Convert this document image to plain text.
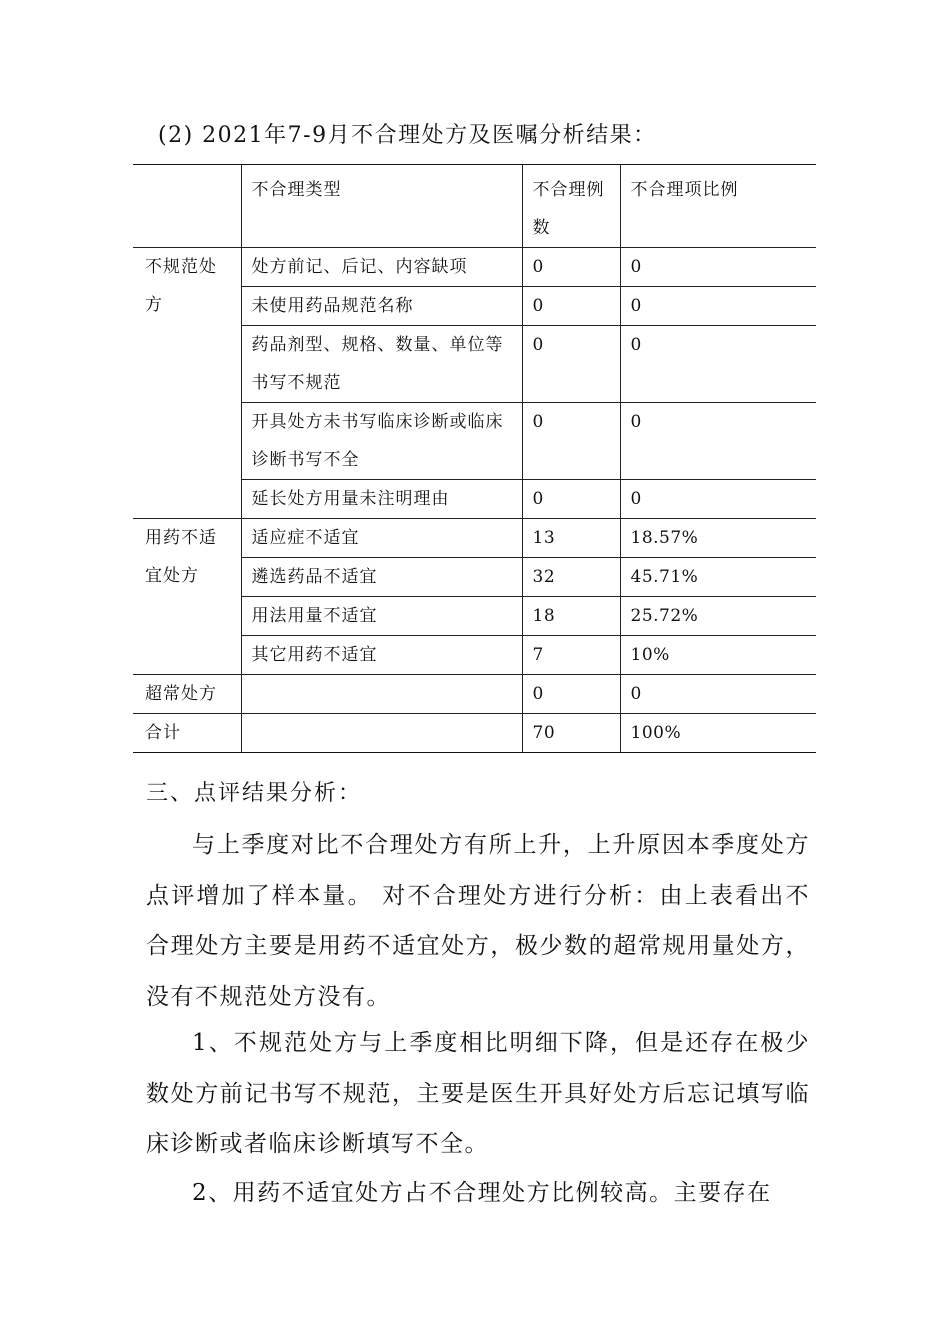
(2) 2021年7-9月不合理处方及医嘱分析结果：
	不合理类型	不合理例数	不合理项比例
不规范处方	处方前记、后记、内容缺项	0	0
	未使用药品规范名称	0	0
	药品剂型、规格、数量、单位等书写不规范	0	0
	开具处方未书写临床诊断或临床诊断书写不全	0	0
	延长处方用量未注明理由	0	0
用药不适宜处方	适应症不适宜	13	18.57%
	遴选药品不适宜	32	45.71%
	用法用量不适宜	18	25.72%
	其它用药不适宜	7	10%
超常处方		0	0
合计		70	100%
三、点评结果分析：

与上季度对比不合理处方有所上升，上升原因本季度处方点评增加了样本量。 对不合理处方进行分析：由上表看出不合理处方主要是用药不适宜处方，极少数的超常规用量处方，没有不规范处方没有。

1、不规范处方与上季度相比明细下降，但是还存在极少数处方前记书写不规范，主要是医生开具好处方后忘记填写临床诊断或者临床诊断填写不全。

2、用药不适宜处方占不合理处方比例较高。主要存在
